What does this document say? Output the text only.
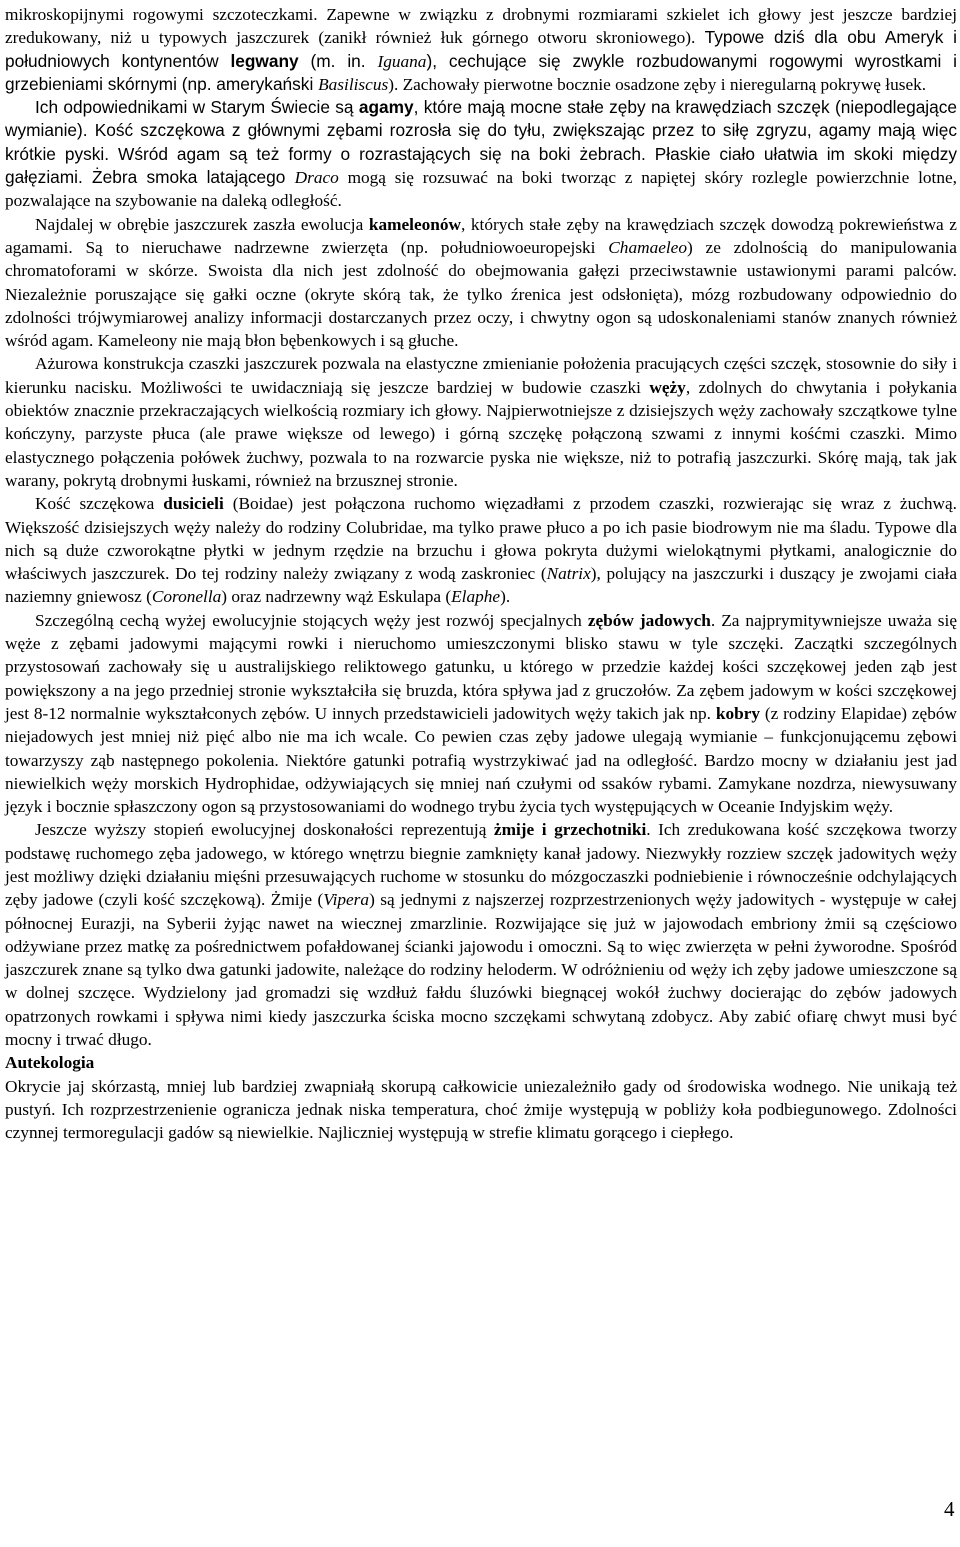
mikroskopijnymi rogowymi szczoteczkami. Zapewne w związku z drobnymi rozmiarami szkielet ich głowy jest jeszcze bardziej zredukowany, niż u typowych jaszczurek (zanikł również łuk górnego otworu skroniowego). Typowe dziś dla obu Ameryk i południowych kontynentów legwany (m. in. Iguana), cechujące się zwykle rozbudowanymi rogowymi wyrostkami i grzebieniami skórnymi (np. amerykański Basiliscus). Zachowały pierwotne bocznie osadzone zęby i nieregularną pokrywę łusek.

Ich odpowiednikami w Starym Świecie są agamy, które mają mocne stałe zęby na krawędziach szczęk (niepodlegające wymianie). Kość szczękowa z głównymi zębami rozrosła się do tyłu, zwiększając przez to siłę zgryzu, agamy mają więc krótkie pyski. Wśród agam są też formy o rozrastających się na boki żebrach. Płaskie ciało ułatwia im skoki między gałęziami. Żebra smoka latającego Draco mogą się rozsuwać na boki tworząc z napiętej skóry rozlegle powierzchnie lotne, pozwalające na szybowanie na daleką odległość.

Najdalej w obrębie jaszczurek zaszła ewolucja kameleonów, których stałe zęby na krawędziach szczęk dowodzą pokrewieństwa z agamami. Są to nieruchawe nadrzewne zwierzęta (np. południowoeuropejski Chamaeleo) ze zdolnością do manipulowania chromatoforami w skórze. Swoista dla nich jest zdolność do obejmowania gałęzi przeciwstawnie ustawionymi parami palców. Niezależnie poruszające się gałki oczne (okryte skórą tak, że tylko źrenica jest odsłonięta), mózg rozbudowany odpowiednio do zdolności trójwymiarowej analizy informacji dostarczanych przez oczy, i chwytny ogon są udoskonaleniami stanów znanych również wśród agam. Kameleony nie mają błon bębenkowych i są głuche.

Ażurowa konstrukcja czaszki jaszczurek pozwala na elastyczne zmienianie położenia pracujących części szczęk, stosownie do siły i kierunku nacisku. Możliwości te uwidaczniają się jeszcze bardziej w budowie czaszki węży, zdolnych do chwytania i połykania obiektów znacznie przekraczających wielkością rozmiary ich głowy. Najpierwotniejsze z dzisiejszych węży zachowały szczątkowe tylne kończyny, parzyste płuca (ale prawe większe od lewego) i górną szczękę połączoną szwami z innymi kośćmi czaszki. Mimo elastycznego połączenia połówek żuchwy, pozwala to na rozwarcie pyska nie większe, niż to potrafią jaszczurki. Skórę mają, tak jak warany, pokrytą drobnymi łuskami, również na brzusznej stronie.

Kość szczękowa dusicieli (Boidae) jest połączona ruchomo więzadłami z przodem czaszki, rozwierając się wraz z żuchwą. Większość dzisiejszych węży należy do rodziny Colubridae, ma tylko prawe płuco a po ich pasie biodrowym nie ma śladu. Typowe dla nich są duże czworokątne płytki w jednym rzędzie na brzuchu i głowa pokryta dużymi wielokątnymi płytkami, analogicznie do właściwych jaszczurek. Do tej rodziny należy związany z wodą zaskroniec (Natrix), polujący na jaszczurki i duszący je zwojami ciała naziemny gniewosz (Coronella) oraz nadrzewny wąż Eskulapa (Elaphe).

Szczególną cechą wyżej ewolucyjnie stojących węży jest rozwój specjalnych zębów jadowych. Za najprymitywniejsze uważa się węże z zębami jadowymi mającymi rowki i nieruchomo umieszczonymi blisko stawu w tyle szczęki. Zaczątki szczególnych przystosowań zachowały się u australijskiego reliktowego gatunku, u którego w przedzie każdej kości szczękowej jeden ząb jest powiększony a na jego przedniej stronie wykształciła się bruzda, która spływa jad z gruczołów. Za zębem jadowym w kości szczękowej jest 8-12 normalnie wykształconych zębów. U innych przedstawicieli jadowitych węży takich jak np. kobry (z rodziny Elapidae) zębów niejadowych jest mniej niż pięć albo nie ma ich wcale. Co pewien czas zęby jadowe ulegają wymianie – funkcjonującemu zębowi towarzyszy ząb następnego pokolenia. Niektóre gatunki potrafią wystrzykiwać jad na odległość. Bardzo mocny w działaniu jest jad niewielkich węży morskich Hydrophidae, odżywiających się mniej nań czułymi od ssaków rybami. Zamykane nozdrza, niewysuwany język i bocznie spłaszczony ogon są przystosowaniami do wodnego trybu życia tych występujących w Oceanie Indyjskim węży.

Jeszcze wyższy stopień ewolucyjnej doskonałości reprezentują żmije i grzechotniki. Ich zredukowana kość szczękowa tworzy podstawę ruchomego zęba jadowego, w którego wnętrzu biegnie zamknięty kanał jadowy. Niezwykły rozziew szczęk jadowitych węży jest możliwy dzięki działaniu mięśni przesuwających ruchome w stosunku do mózgoczaszki podniebienie i równocześnie odchylających zęby jadowe (czyli kość szczękową). Żmije (Vipera) są jednymi z najszerzej rozprzestrzenionych węży jadowitych - występuje w całej północnej Eurazji, na Syberii żyjąc nawet na wiecznej zmarzlinie. Rozwijające się już w jajowodach embriony żmii są częściowo odżywiane przez matkę za pośrednictwem pofałdowanej ścianki jajowodu i omoczni. Są to więc zwierzęta w pełni żyworodne. Spośród jaszczurek znane są tylko dwa gatunki jadowite, należące do rodziny heloderm. W odróżnieniu od węży ich zęby jadowe umieszczone są w dolnej szczęce. Wydzielony jad gromadzi się wzdłuż fałdu śluzówki biegnącej wokół żuchwy docierając do zębów jadowych opatrzonych rowkami i spływa nimi kiedy jaszczurka ściska mocno szczękami schwytaną zdobycz. Aby zabić ofiarę chwyt musi być mocny i trwać długo.

Autekologia

Okrycie jaj skórzastą, mniej lub bardziej zwapniałą skorupą całkowicie uniezależniło gady od środowiska wodnego. Nie unikają też pustyń. Ich rozprzestrzenienie ogranicza jednak niska temperatura, choć żmije występują w pobliży koła podbiegunowego. Zdolności czynnej termoregulacji gadów są niewielkie. Najliczniej występują w strefie klimatu gorącego i ciepłego.

4
